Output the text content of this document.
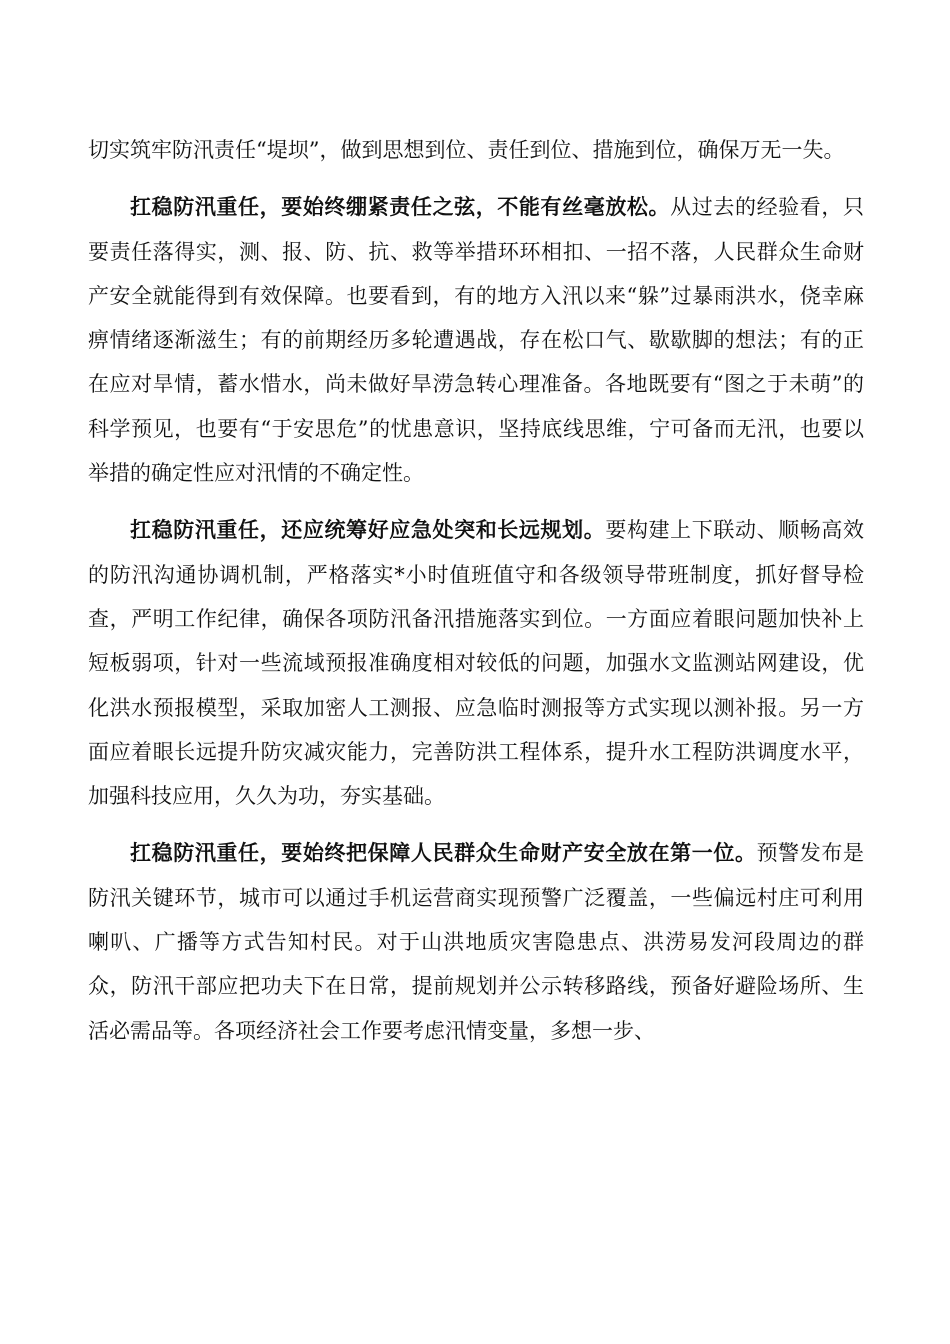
切实筑牢防汛责任“堤坝”，做到思想到位、责任到位、措施到位，确保万无一失。

扛稳防汛重任，要始终绷紧责任之弦，不能有丝毫放松。从过去的经验看，只要责任落得实，测、报、防、抗、救等举措环环相扣、一招不落，人民群众生命财产安全就能得到有效保障。也要看到，有的地方入汛以来“躲”过暴雨洪水，侥幸麻痹情绪逐渐滋生；有的前期经历多轮遭遇战，存在松口气、歇歇脚的想法；有的正在应对旱情，蓄水惜水，尚未做好旱涝急转心理准备。各地既要有“图之于未萌”的科学预见，也要有“于安思危”的忧患意识，坚持底线思维，宁可备而无汛，也要以举措的确定性应对汛情的不确定性。

扛稳防汛重任，还应统筹好应急处突和长远规划。要构建上下联动、顺畅高效的防汛沟通协调机制，严格落实*小时值班值守和各级领导带班制度，抓好督导检查，严明工作纪律，确保各项防汛备汛措施落实到位。一方面应着眼问题加快补上短板弱项，针对一些流域预报准确度相对较低的问题，加强水文监测站网建设，优化洪水预报模型，采取加密人工测报、应急临时测报等方式实现以测补报。另一方面应着眼长远提升防灾减灾能力，完善防洪工程体系，提升水工程防洪调度水平，加强科技应用，久久为功，夯实基础。

扛稳防汛重任，要始终把保障人民群众生命财产安全放在第一位。预警发布是防汛关键环节，城市可以通过手机运营商实现预警广泛覆盖，一些偏远村庄可利用喇叭、广播等方式告知村民。对于山洪地质灾害隐患点、洪涝易发河段周边的群众，防汛干部应把功夫下在日常，提前规划并公示转移路线，预备好避险场所、生活必需品等。各项经济社会工作要考虑汛情变量，多想一步、
